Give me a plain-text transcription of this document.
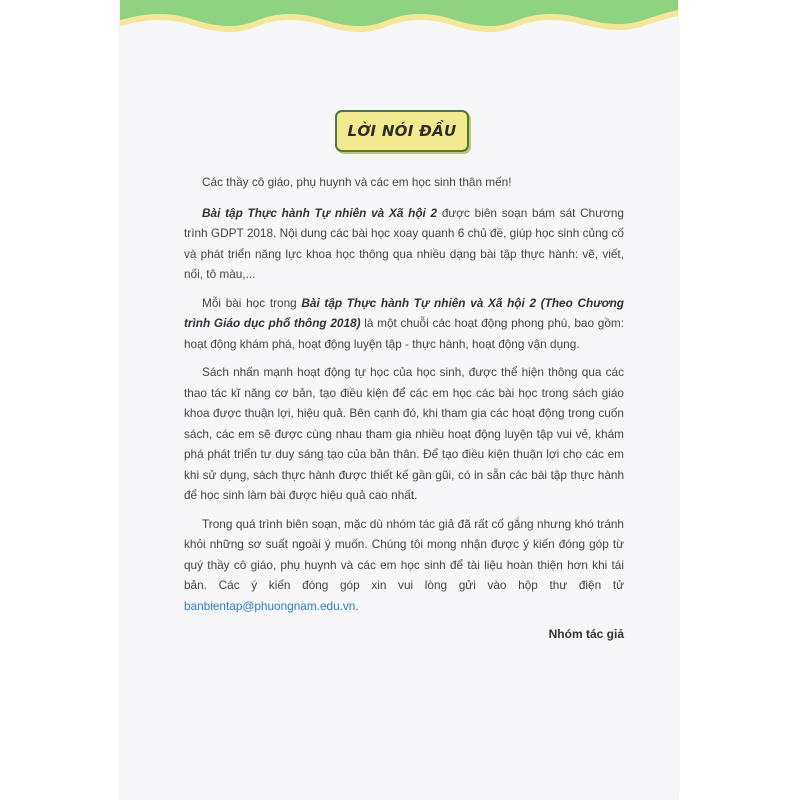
LỜI NÓI ĐẦU

Các thầy cô giáo, phụ huynh và các em học sinh thân mến!

Bài tập Thực hành Tự nhiên và Xã hội 2 được biên soạn bám sát Chương trình GDPT 2018. Nội dung các bài học xoay quanh 6 chủ đề, giúp học sinh củng cố và phát triển năng lực khoa học thông qua nhiều dạng bài tập thực hành: vẽ, viết, nối, tô màu,...

Mỗi bài học trong Bài tập Thực hành Tự nhiên và Xã hội 2 (Theo Chương trình Giáo dục phổ thông 2018) là một chuỗi các hoạt động phong phú, bao gồm: hoạt động khám phá, hoạt động luyện tập - thực hành, hoạt động vận dụng.

Sách nhấn mạnh hoạt động tự học của học sinh, được thể hiện thông qua các thao tác kĩ năng cơ bản, tạo điều kiện để các em học các bài học trong sách giáo khoa được thuận lợi, hiệu quả. Bên cạnh đó, khi tham gia các hoạt động trong cuốn sách, các em sẽ được cùng nhau tham gia nhiều hoạt động luyện tập vui vẻ, khám phá phát triển tư duy sáng tạo của bản thân. Để tạo điều kiện thuận lợi cho các em khi sử dụng, sách thực hành được thiết kế gần gũi, có in sẵn các bài tập thực hành để học sinh làm bài được hiệu quả cao nhất.

Trong quá trình biên soạn, mặc dù nhóm tác giả đã rất cố gắng nhưng khó tránh khỏi những sơ suất ngoài ý muốn. Chúng tôi mong nhận được ý kiến đóng góp từ quý thầy cô giáo, phụ huynh và các em học sinh để tài liệu hoàn thiện hơn khi tái bản. Các ý kiến đóng góp xin vui lòng gửi vào hộp thư điện tử banbientap@phuongnam.edu.vn.

Nhóm tác giả
